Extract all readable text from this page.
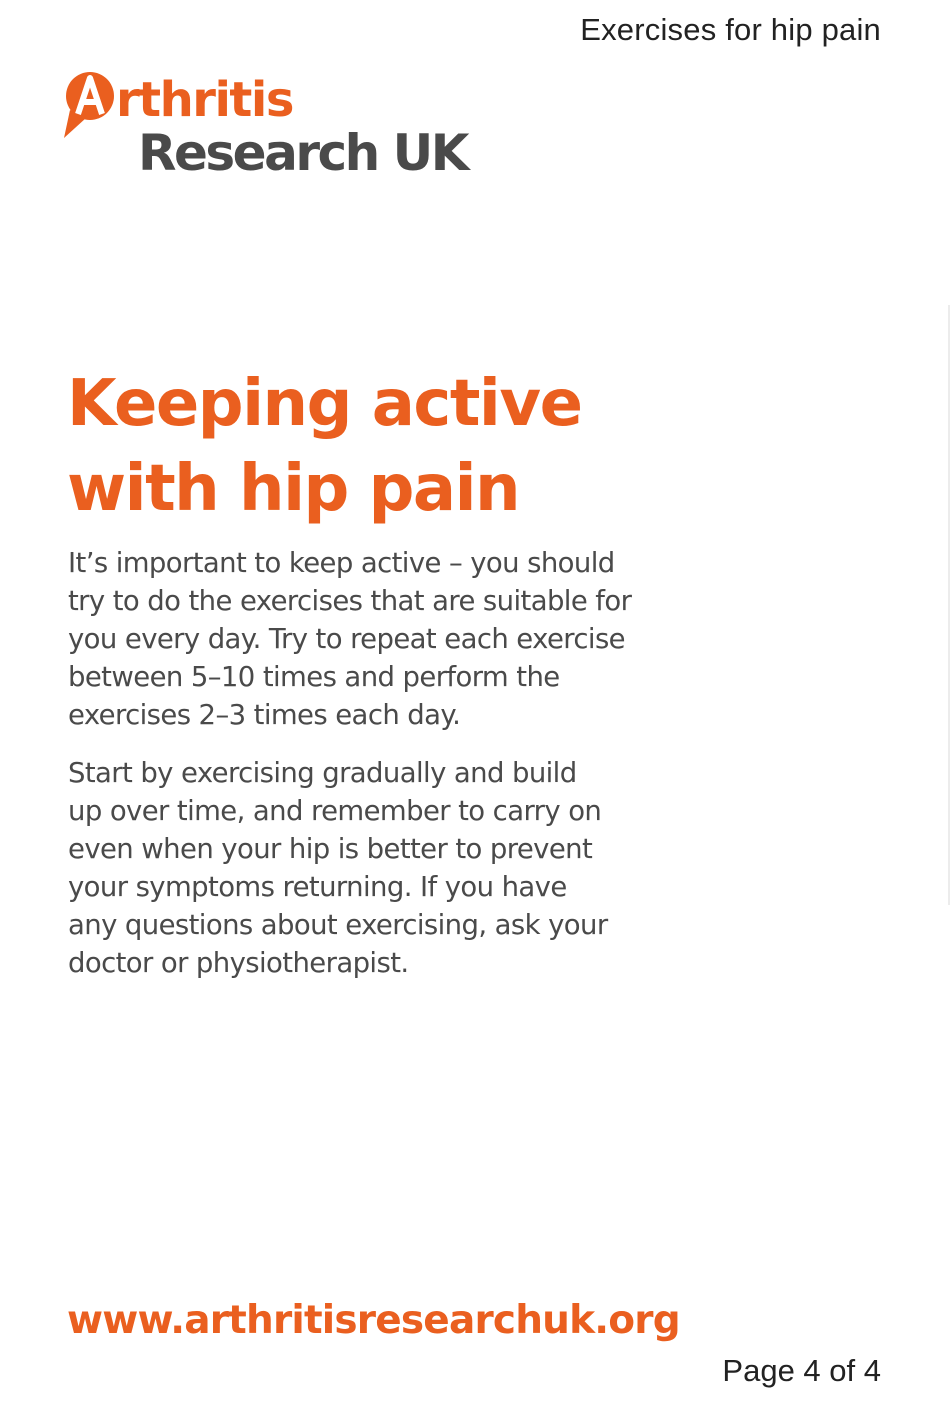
Exercises for hip pain
rthritis
Research UK
Keeping active
with hip pain

It’s important to keep active – you should
try to do the exercises that are suitable for
you every day. Try to repeat each exercise
between 5–10 times and perform the
exercises 2–3 times each day.

Start by exercising gradually and build
up over time, and remember to carry on
even when your hip is better to prevent
your symptoms returning. If you have
any questions about exercising, ask your
doctor or physiotherapist.

www.arthritisresearchuk.org
Page 4 of 4
